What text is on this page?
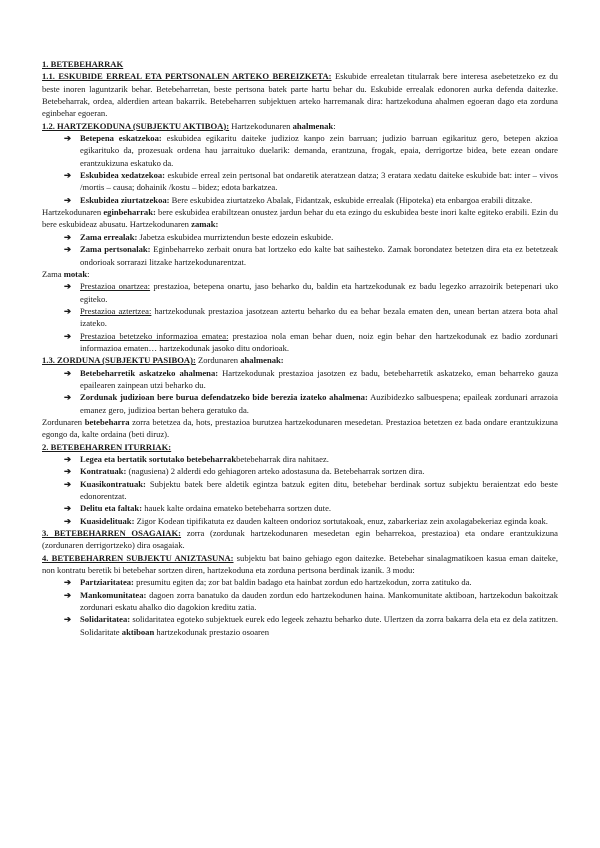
1. BETEBEHARRAK

1.1. ESKUBIDE ERREAL ETA PERTSONALEN ARTEKO BEREIZKETA: Eskubide errealetan titularrak bere interesa asebetetzeko ez du beste inoren laguntzarik behar. Betebeharretan, beste pertsona batek parte hartu behar du. Eskubide errealak edonoren aurka defenda daitezke. Betebeharrak, ordea, alderdien artean bakarrik. Betebeharren subjektuen arteko harremanak dira: hartzekoduna ahalmen egoeran dago eta zorduna eginbehar egoeran.

1.2. HARTZEKODUNA (SUBJEKTU AKTIBOA): Hartzekodunaren ahalmenak:

➔ Betepena eskatzekoa: eskubidea egikaritu daiteke judizioz kanpo zein barruan; judizio barruan egikarituz gero, betepen akzioa egikarituko da, prozesuak ordena hau jarraituko duelarik: demanda, erantzuna, frogak, epaia, derrigortze bidea, bete ezean ondare erantzukizuna eskatuko da.
➔ Eskubidea xedatzekoa: eskubide erreal zein pertsonal bat ondaretik ateratzean datza; 3 eratara xedatu daiteke eskubide bat: inter – vivos /mortis – causa; dohainik /kostu – bidez; edota barkatzea.
➔ Eskubidea ziurtatzekoa: Bere eskubidea ziurtatzeko Abalak, Fidantzak, eskubide errealak (Hipoteka) eta enbargoa erabili ditzake.

Hartzekodunaren eginbeharrak: bere eskubidea erabiltzean onustez jardun behar du eta ezingo du eskubidea beste inori kalte egiteko erabili. Ezin du bere eskubideaz abusatu. Hartzekodunaren zamak:

➔ Zama errealak: Jabetza eskubidea murriztendun beste edozein eskubide.
➔ Zama pertsonalak: Eginbeharreko zerbait onura bat lortzeko edo kalte bat saihesteko. Zamak borondatez betetzen dira eta ez betetzeak ondorioak sorrarazi litzake hartzekodunarentzat.

Zama motak:

➔ Prestazioa onartzea: prestazioa, betepena onartu, jaso beharko du, baldin eta hartzekodunak ez badu legezko arrazoirik betepenari uko egiteko.
➔ Prestazioa aztertzea: hartzekodunak prestazioa jasotzean aztertu beharko du ea behar bezala ematen den, unean bertan atzera bota ahal izateko.
➔ Prestazioa betetzeko informazioa ematea: prestazioa nola eman behar duen, noiz egin behar den hartzekodunak ez badio zordunari informazioa ematen… hartzekodunak jasoko ditu ondorioak.

1.3. ZORDUNA (SUBJEKTU PASIBOA): Zordunaren ahalmenak:

➔ Betebeharretik askatzeko ahalmena: Hartzekodunak prestazioa jasotzen ez badu, betebeharretik askatzeko, eman beharreko gauza epailearen zainpean utzi beharko du.
➔ Zordunak judizioan bere burua defendatzeko bide berezia izateko ahalmena: Auzibidezko salbuespena; epaileak zordunari arrazoia emanez gero, judizioa bertan behera geratuko da.

Zordunaren betebeharra zorra betetzea da, hots, prestazioa burutzea hartzekodunaren mesedetan. Prestazioa betetzen ez bada ondare erantzukizuna egongo da, kalte ordaina (beti diruz).

2. BETEBEHARREN ITURRIAK:

➔ Legea eta bertatik sortutako betebeharrakbetebeharrak dira nahitaez.
➔ Kontratuak: (nagusiena) 2 alderdi edo gehiagoren arteko adostasuna da. Betebeharrak sortzen dira.
➔ Kuasikontratuak: Subjektu batek bere aldetik egintza batzuk egiten ditu, betebehar berdinak sortuz subjektu beraientzat edo beste edonorentzat.
➔ Delitu eta faltak: hauek kalte ordaina emateko betebeharra sortzen dute.
➔ Kuasidelituak: Zigor Kodean tipifikatuta ez dauden kalteen ondorioz sortutakoak, enuz, zabarkeriaz zein axolagabekeriaz eginda koak.

3. BETEBEHARREN OSAGAIAK: zorra (zordunak hartzekodunaren mesedetan egin beharrekoa, prestazioa) eta ondare erantzukizuna (zordunaren derrigortzeko) dira osagaiak.

4. BETEBEHARREN SUBJEKTU ANIZTASUNA: subjektu bat baino gehiago egon daitezke. Betebehar sinalagmatikoen kasua eman daiteke, non kontratu beretik bi betebehar sortzen diren, hartzekoduna eta zorduna pertsona berdinak izanik. 3 modu:

➔ Partziaritatea: presumitu egiten da; zor bat baldin badago eta hainbat zordun edo hartzekodun, zorra zatituko da.
➔ Mankomunitatea: dagoen zorra banatuko da dauden zordun edo hartzekodunen haina. Mankomunitate aktiboan, hartzekodun bakoitzak zordunari eskatu ahalko dio dagokion kreditu zatia.
➔ Solidaritatea: solidaritatea egoteko subjektuek eurek edo legeek zehaztu beharko dute. Ulertzen da zorra bakarra dela eta ez dela zatitzen. Solidaritate aktiboan hartzekodunak prestazio osoaren
